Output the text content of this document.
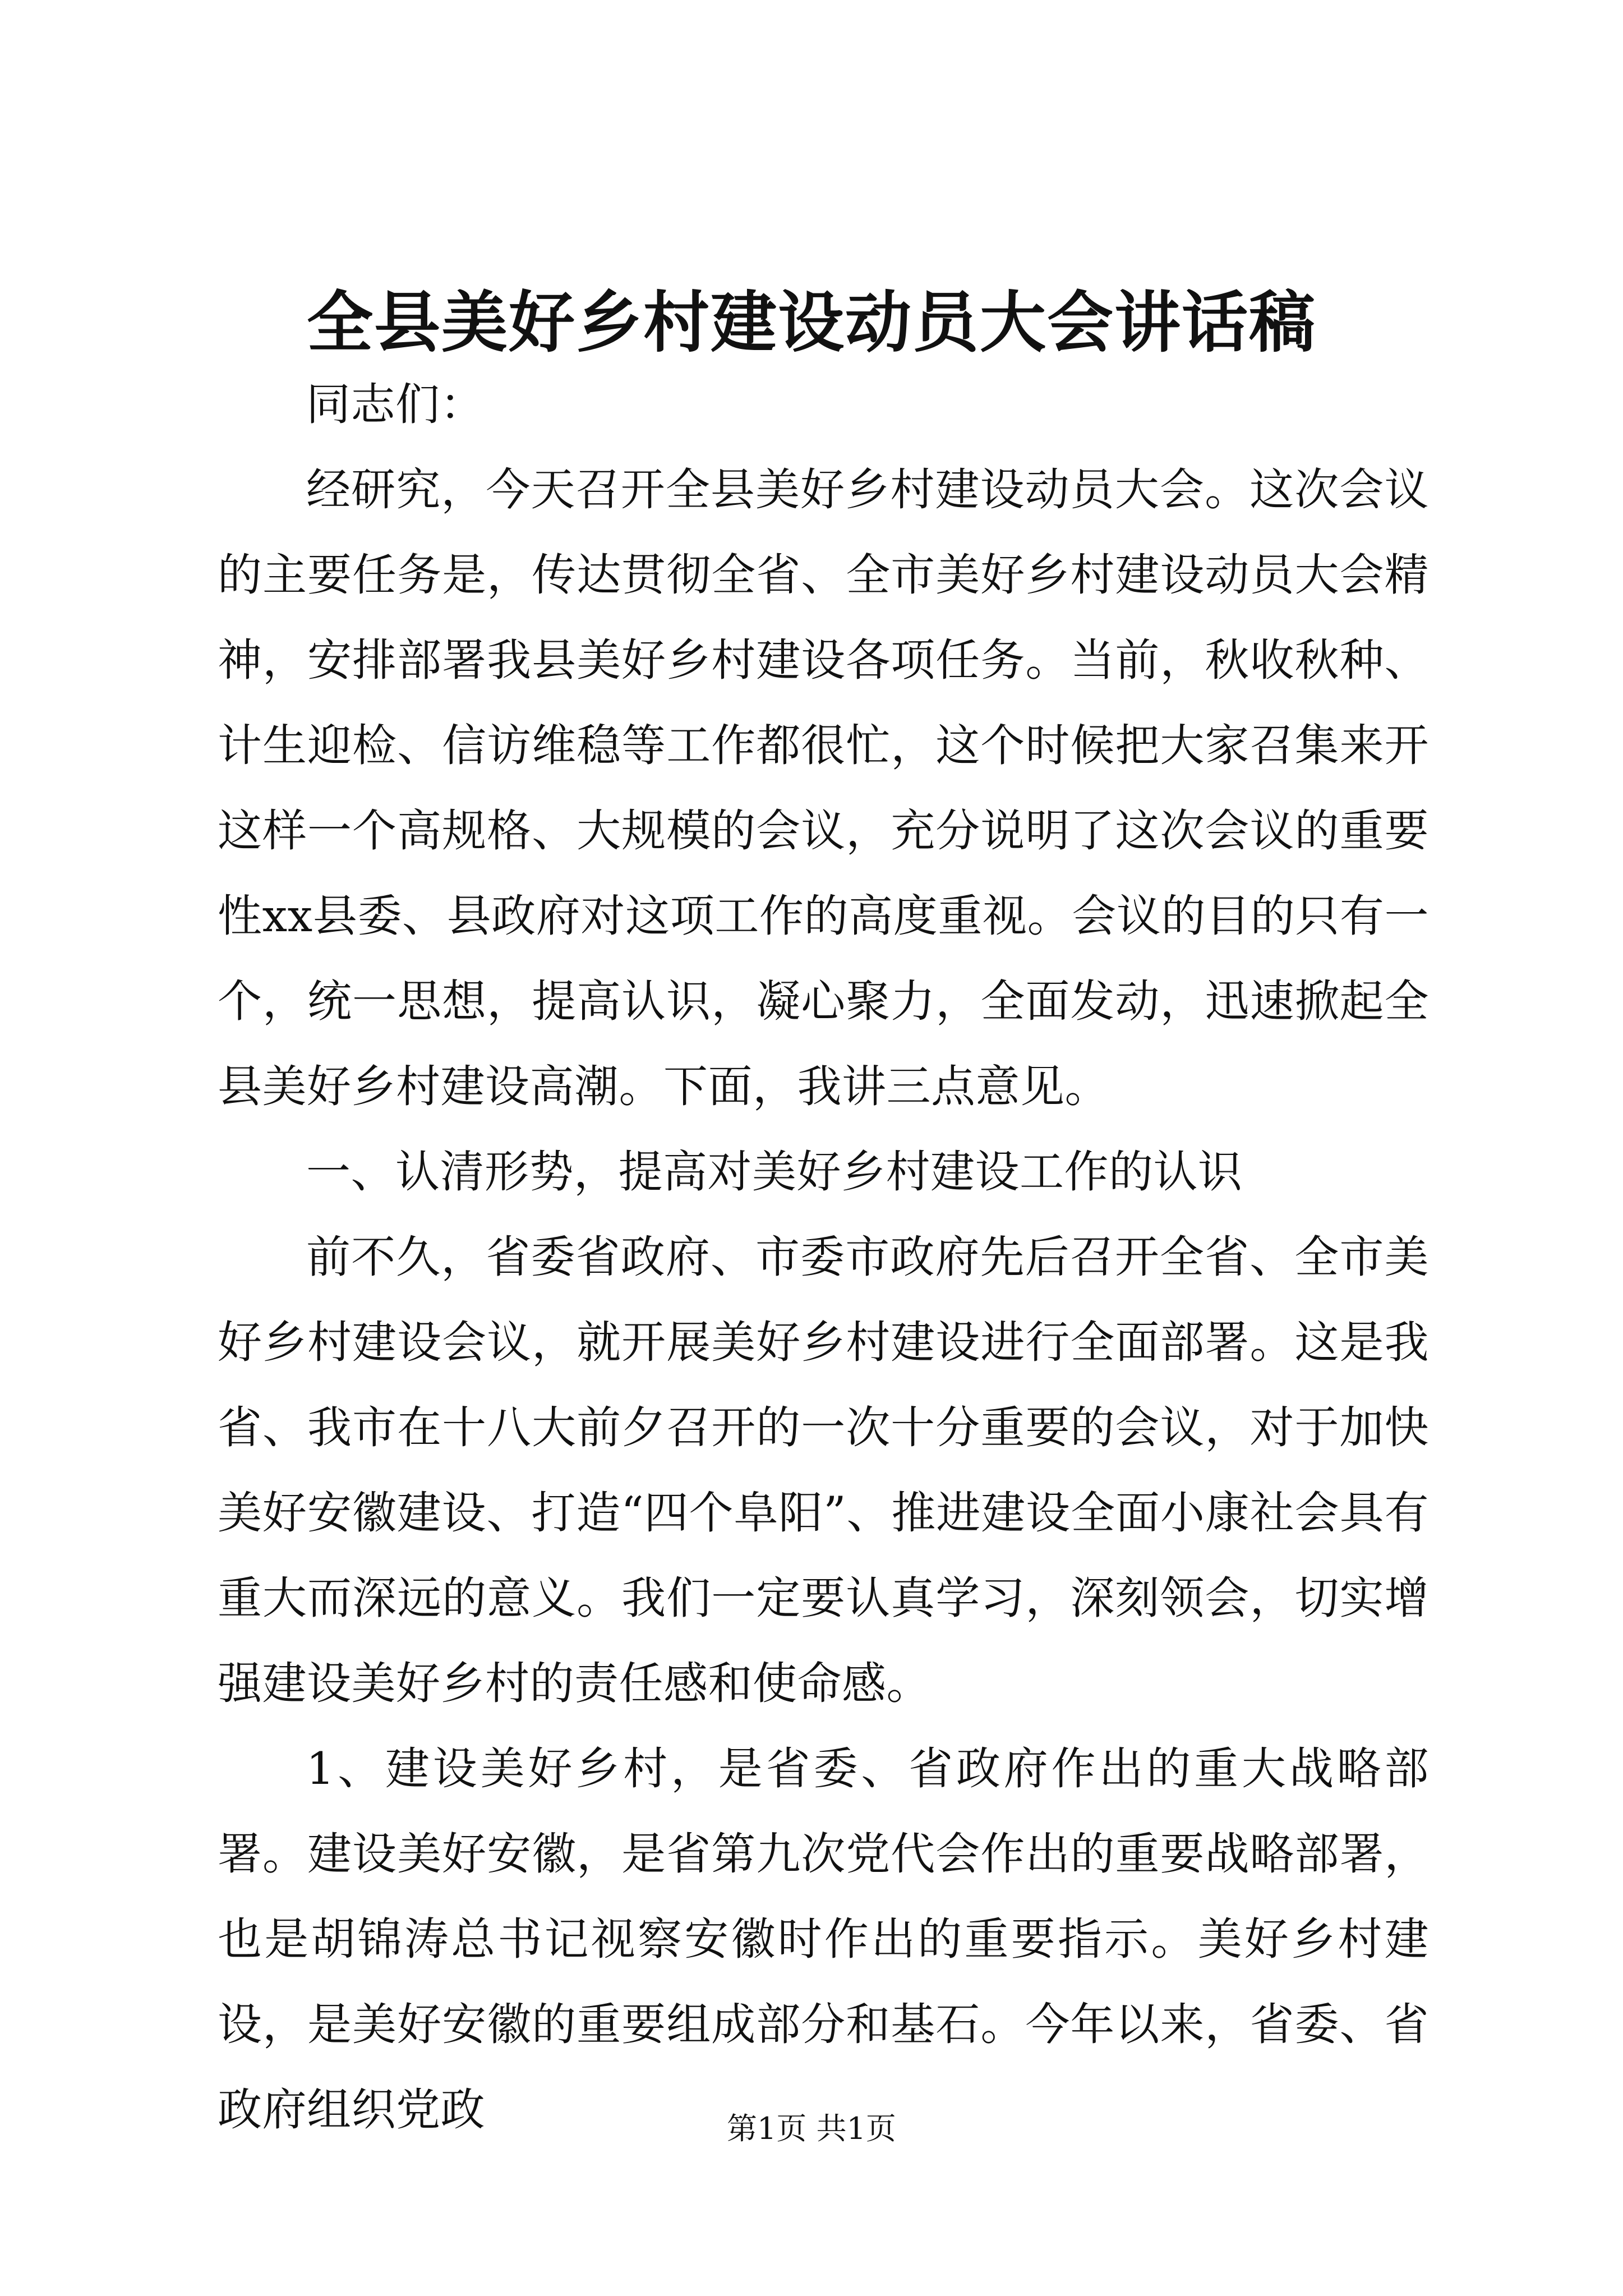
全县美好乡村建设动员大会讲话稿

同志们：

经研究，今天召开全县美好乡村建设动员大会。这次会议的主要任务是，传达贯彻全省、全市美好乡村建设动员大会精神，安排部署我县美好乡村建设各项任务。当前，秋收秋种、计生迎检、信访维稳等工作都很忙，这个时候把大家召集来开这样一个高规格、大规模的会议，充分说明了这次会议的重要性xx县委、县政府对这项工作的高度重视。会议的目的只有一个，统一思想，提高认识，凝心聚力，全面发动，迅速掀起全县美好乡村建设高潮。下面，我讲三点意见。

一、认清形势，提高对美好乡村建设工作的认识

前不久，省委省政府、市委市政府先后召开全省、全市美好乡村建设会议，就开展美好乡村建设进行全面部署。这是我省、我市在十八大前夕召开的一次十分重要的会议，对于加快美好安徽建设、打造“四个阜阳”、推进建设全面小康社会具有重大而深远的意义。我们一定要认真学习，深刻领会，切实增强建设美好乡村的责任感和使命感。

1、建设美好乡村，是省委、省政府作出的重大战略部署。建设美好安徽，是省第九次党代会作出的重要战略部署，也是胡锦涛总书记视察安徽时作出的重要指示。美好乡村建设，是美好安徽的重要组成部分和基石。今年以来，省委、省政府组织党政	第1页 共1页
